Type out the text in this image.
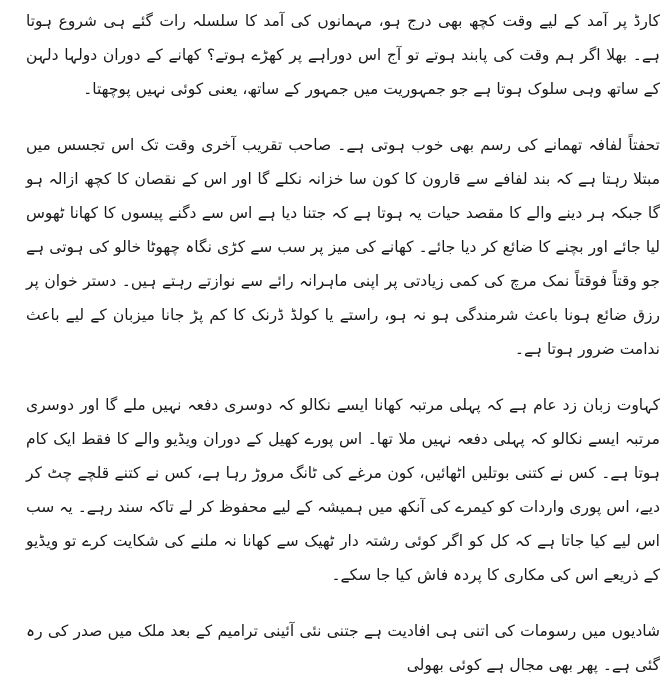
کارڈ پر آمد کے لیے وقت کچھ بھی درج ہو، مہمانوں کی آمد کا سلسلہ رات گئے ہی شروع ہوتا ہے۔ بھلا اگر ہم وقت کی پابند ہوتے تو آج اس دوراہے پر کھڑے ہوتے؟ کھانے کے دوران دولہا دلہن کے ساتھ وہی سلوک ہوتا ہے جو جمہوریت میں جمہور کے ساتھ، یعنی کوئی نہیں پوچھتا۔

تحفتاً لفافہ تھمانے کی رسم بھی خوب ہوتی ہے۔ صاحب تقریب آخری وقت تک اس تجسس میں مبتلا رہتا ہے کہ بند لفافے سے قارون کا کون سا خزانہ نکلے گا اور اس کے نقصان کا کچھ ازالہ ہو گا جبکہ ہر دینے والے کا مقصد حیات یہ ہوتا ہے کہ جتنا دیا ہے اس سے دگنے پیسوں کا کھانا ٹھوس لیا جائے اور بچنے کا ضائع کر دیا جائے۔ کھانے کی میز پر سب سے کڑی نگاہ چھوٹا خالو کی ہوتی ہے جو وقتاً فوقتاً نمک مرچ کی کمی زیادتی پر اپنی ماہرانہ رائے سے نوازتے رہتے ہیں۔ دستر خوان پر رزق ضائع ہونا باعث شرمندگی ہو نہ ہو، راستے یا کولڈ ڈرنک کا کم پڑ جانا میزبان کے لیے باعث ندامت ضرور ہوتا ہے۔

کہاوت زبان زد عام ہے کہ پہلی مرتبہ کھانا ایسے نکالو کہ دوسری دفعہ نہیں ملے گا اور دوسری مرتبہ ایسے نکالو کہ پہلی دفعہ نہیں ملا تھا۔ اس پورے کھیل کے دوران ویڈیو والے کا فقط ایک کام ہوتا ہے۔ کس نے کتنی بوتلیں اٹھائیں، کون مرغے کی ٹانگ مروڑ رہا ہے، کس نے کتنے قلچے چٹ کر دیے، اس پوری واردات کو کیمرے کی آنکھ میں ہمیشہ کے لیے محفوظ کر لے تاکہ سند رہے۔ یہ سب اس لیے کیا جاتا ہے کہ کل کو اگر کوئی رشتہ دار ٹھیک سے کھانا نہ ملنے کی شکایت کرے تو ویڈیو کے ذریعے اس کی مکاری کا پردہ فاش کیا جا سکے۔

شادیوں میں رسومات کی اتنی ہی افادیت ہے جتنی نئی آئینی ترامیم کے بعد ملک میں صدر کی رہ گئی ہے۔ پھر بھی مجال ہے کوئی بھولی
